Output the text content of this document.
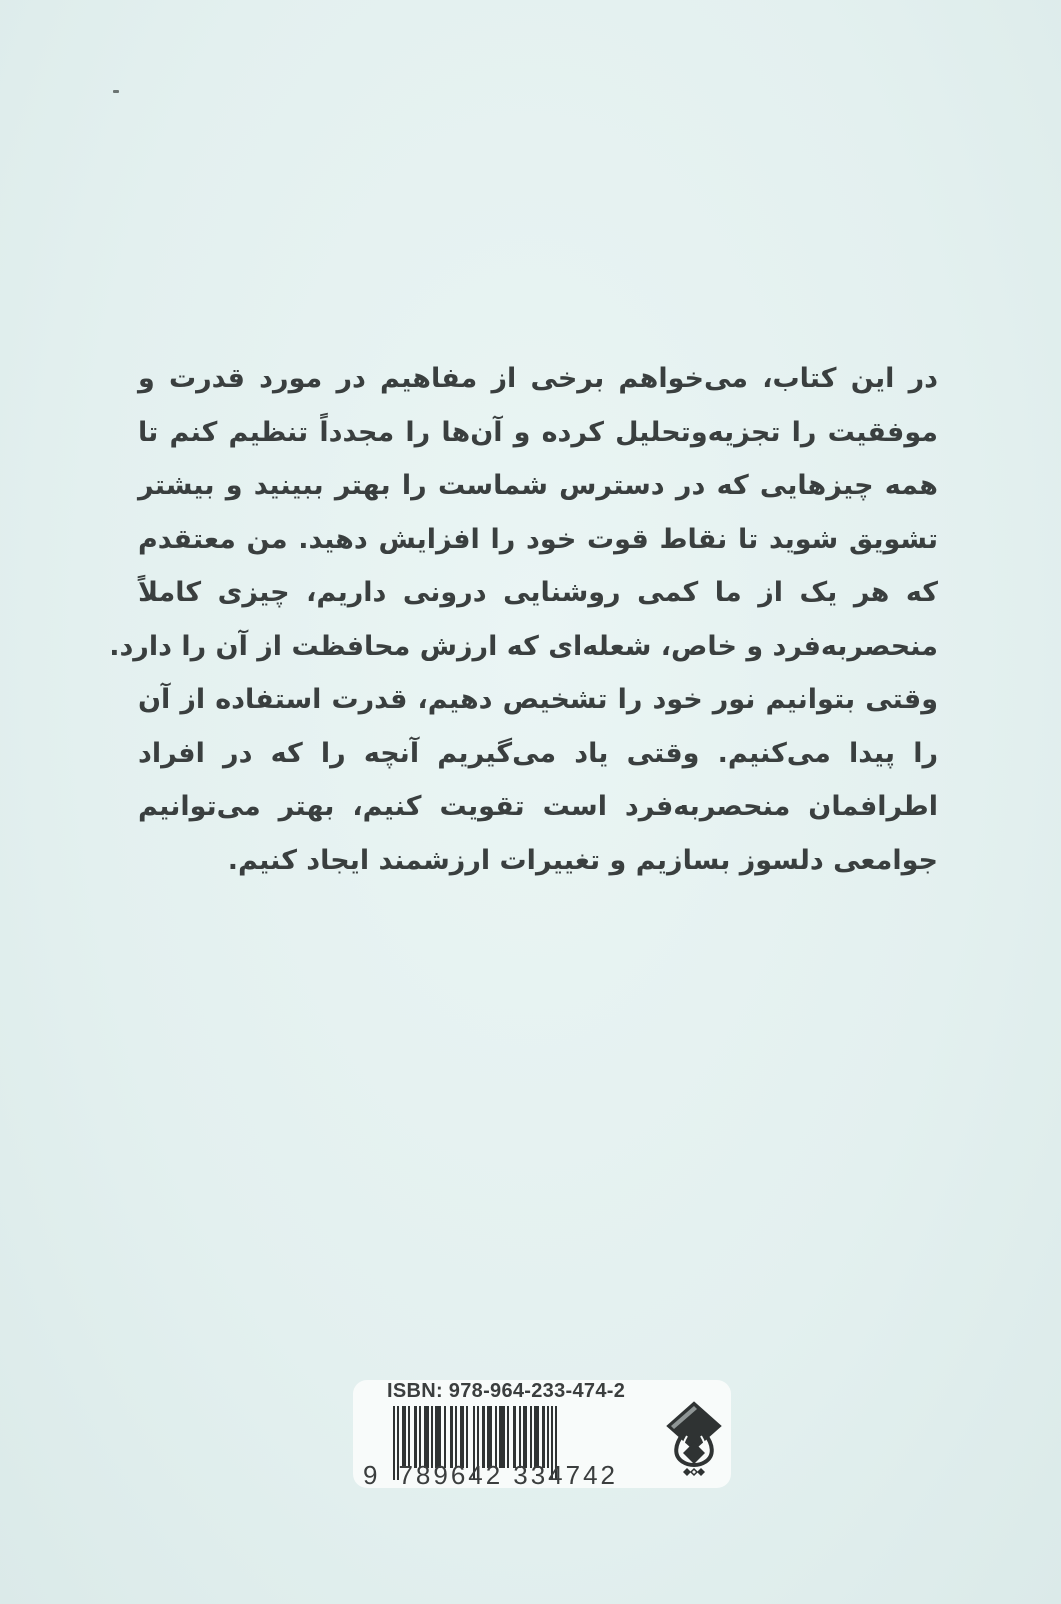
در این کتاب، می‌خواهم برخی از مفاهیم در مورد قدرت و
موفقیت را تجزیه‌وتحلیل کرده و آن‌ها را مجدداً تنظیم کنم تا
همه چیزهایی که در دسترس شماست را بهتر ببینید و بیشتر
تشویق شوید تا نقاط قوت خود را افزایش دهید. من معتقدم
که هر یک از ما کمی روشنایی درونی داریم، چیزی کاملاً
منحصربه‌فرد و خاص، شعله‌ای که ارزش محافظت از آن را دارد.
وقتی بتوانیم نور خود را تشخیص دهیم، قدرت استفاده از آن
را پیدا می‌کنیم. وقتی یاد می‌گیریم آنچه را که در افراد
اطرافمان منحصربه‌فرد است تقویت کنیم، بهتر می‌توانیم
جوامعی دلسوز بسازیم و تغییرات ارزشمند ایجاد کنیم.
ISBN: 978-964-233-474-2
9 789642 334742
